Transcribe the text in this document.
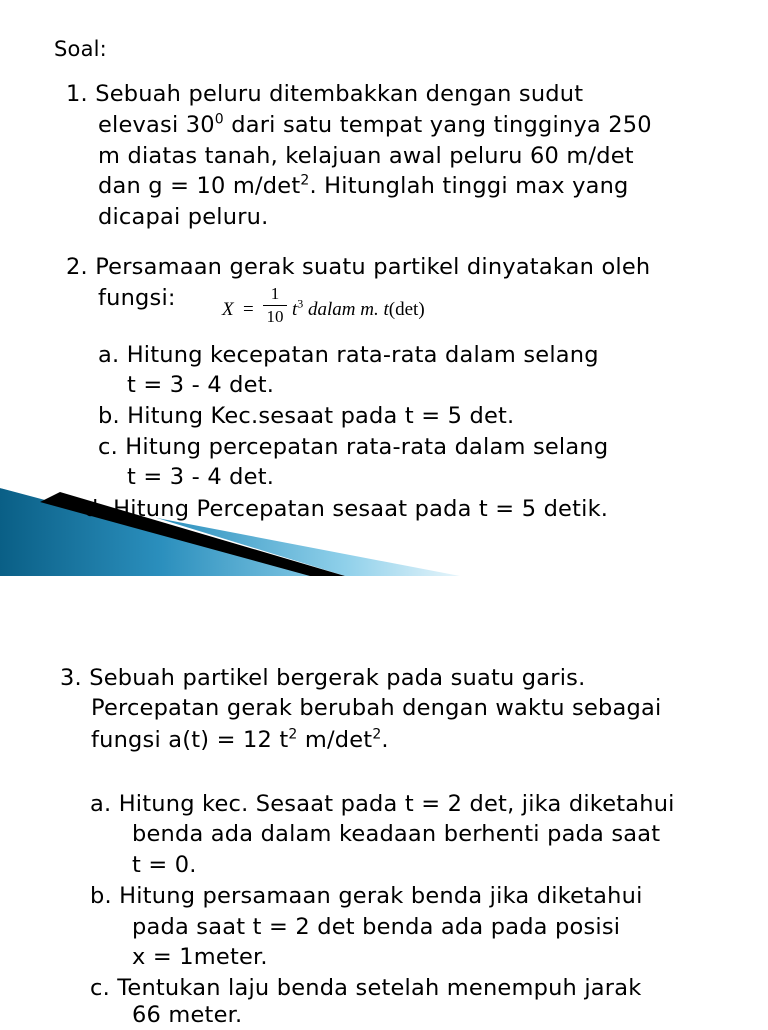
Soal:
1. Sebuah peluru ditembakkan dengan sudut
elevasi $30^0$ dari satu tempat yang tingginya 250
m diatas tanah, kelajuan awal peluru 60 m/det
dan g = 10 $m/\det^2$. Hitunglah tinggi max yang
dicapai peluru.
2. Persamaan gerak suatu partikel dinyatakan oleh
fungsi: X =
1
10 $t^3$ dalam m. t(det)
a. Hitung kecepatan rata-rata dalam selang
t = 3 - 4 det.
b. Hitung Kec.sesaat pada t = 5 det.
c. Hitung percepatan rata-rata dalam selang
t = 3 - 4 det.
d. Hitung Percepatan sesaat pada t = 5 detik.
3. Sebuah partikel bergerak pada suatu garis.
Percepatan gerak berubah dengan waktu sebagai
fungsi a(t) = 12 $t^2$ $m/\det^2$.
a. Hitung kec. Sesaat pada t = 2 det, jika diketahui
benda ada dalam keadaan berhenti pada saat
t = 0.
b. Hitung persamaan gerak benda jika diketahui
pada saat t = 2 det benda ada pada posisi
x = 1meter.
c. Tentukan laju benda setelah menempuh jarak
66 meter.
